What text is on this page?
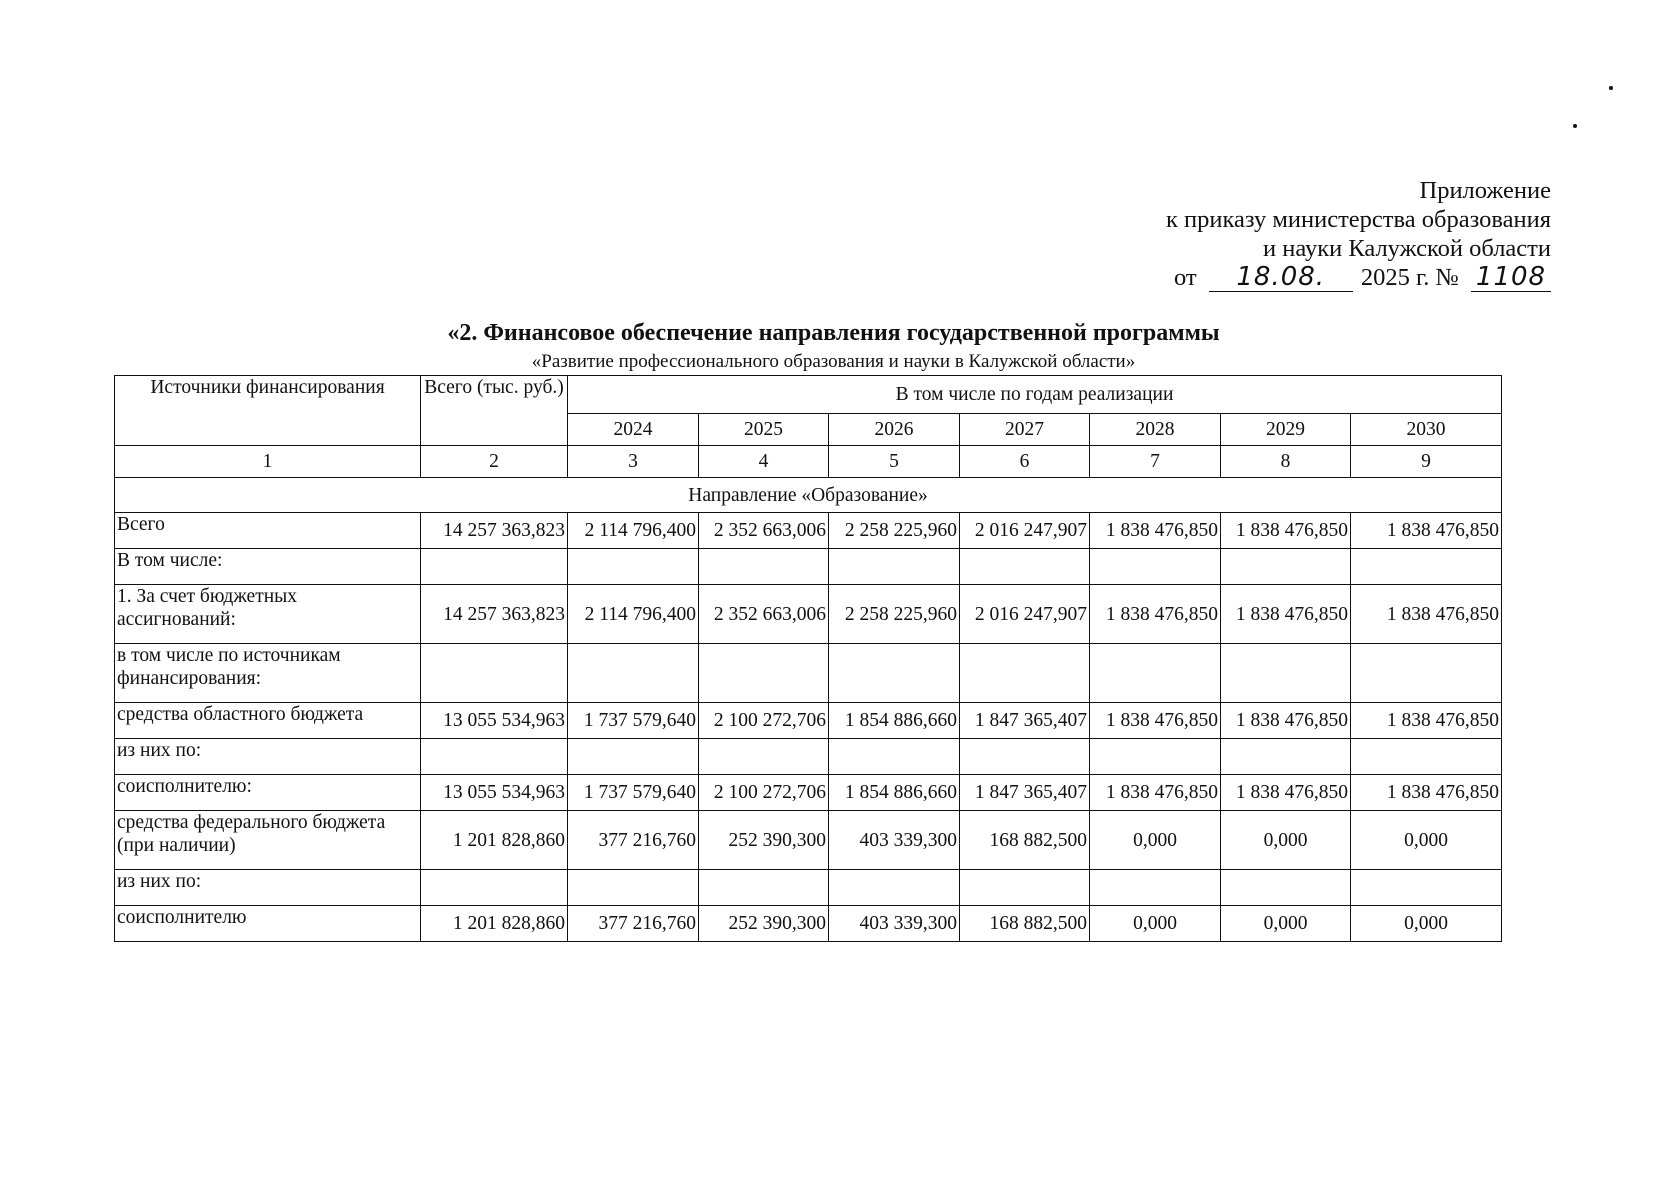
Приложение
к приказу министерства образования
и науки Калужской области
от 18.08. 2025 г. № 1108
«2. Финансовое обеспечение направления государственной программы
«Развитие профессионального образования и науки в Калужской области»
Источники финансирования	Всего (тыс. руб.)	В том числе по годам реализации						
		2024	2025	2026	2027	2028	2029	2030
1	2	3	4	5	6	7	8	9
Направление «Образование»								
Всего	14 257 363,823	2 114 796,400	2 352 663,006	2 258 225,960	2 016 247,907	1 838 476,850	1 838 476,850	1 838 476,850
В том числе:								
1. За счет бюджетных ассигнований:	14 257 363,823	2 114 796,400	2 352 663,006	2 258 225,960	2 016 247,907	1 838 476,850	1 838 476,850	1 838 476,850
в том числе по источникам финансирования:								
средства областного бюджета	13 055 534,963	1 737 579,640	2 100 272,706	1 854 886,660	1 847 365,407	1 838 476,850	1 838 476,850	1 838 476,850
из них по:								
соисполнителю:	13 055 534,963	1 737 579,640	2 100 272,706	1 854 886,660	1 847 365,407	1 838 476,850	1 838 476,850	1 838 476,850
средства федерального бюджета (при наличии)	1 201 828,860	377 216,760	252 390,300	403 339,300	168 882,500	0,000	0,000	0,000
из них по:								
соисполнителю	1 201 828,860	377 216,760	252 390,300	403 339,300	168 882,500	0,000	0,000	0,000
